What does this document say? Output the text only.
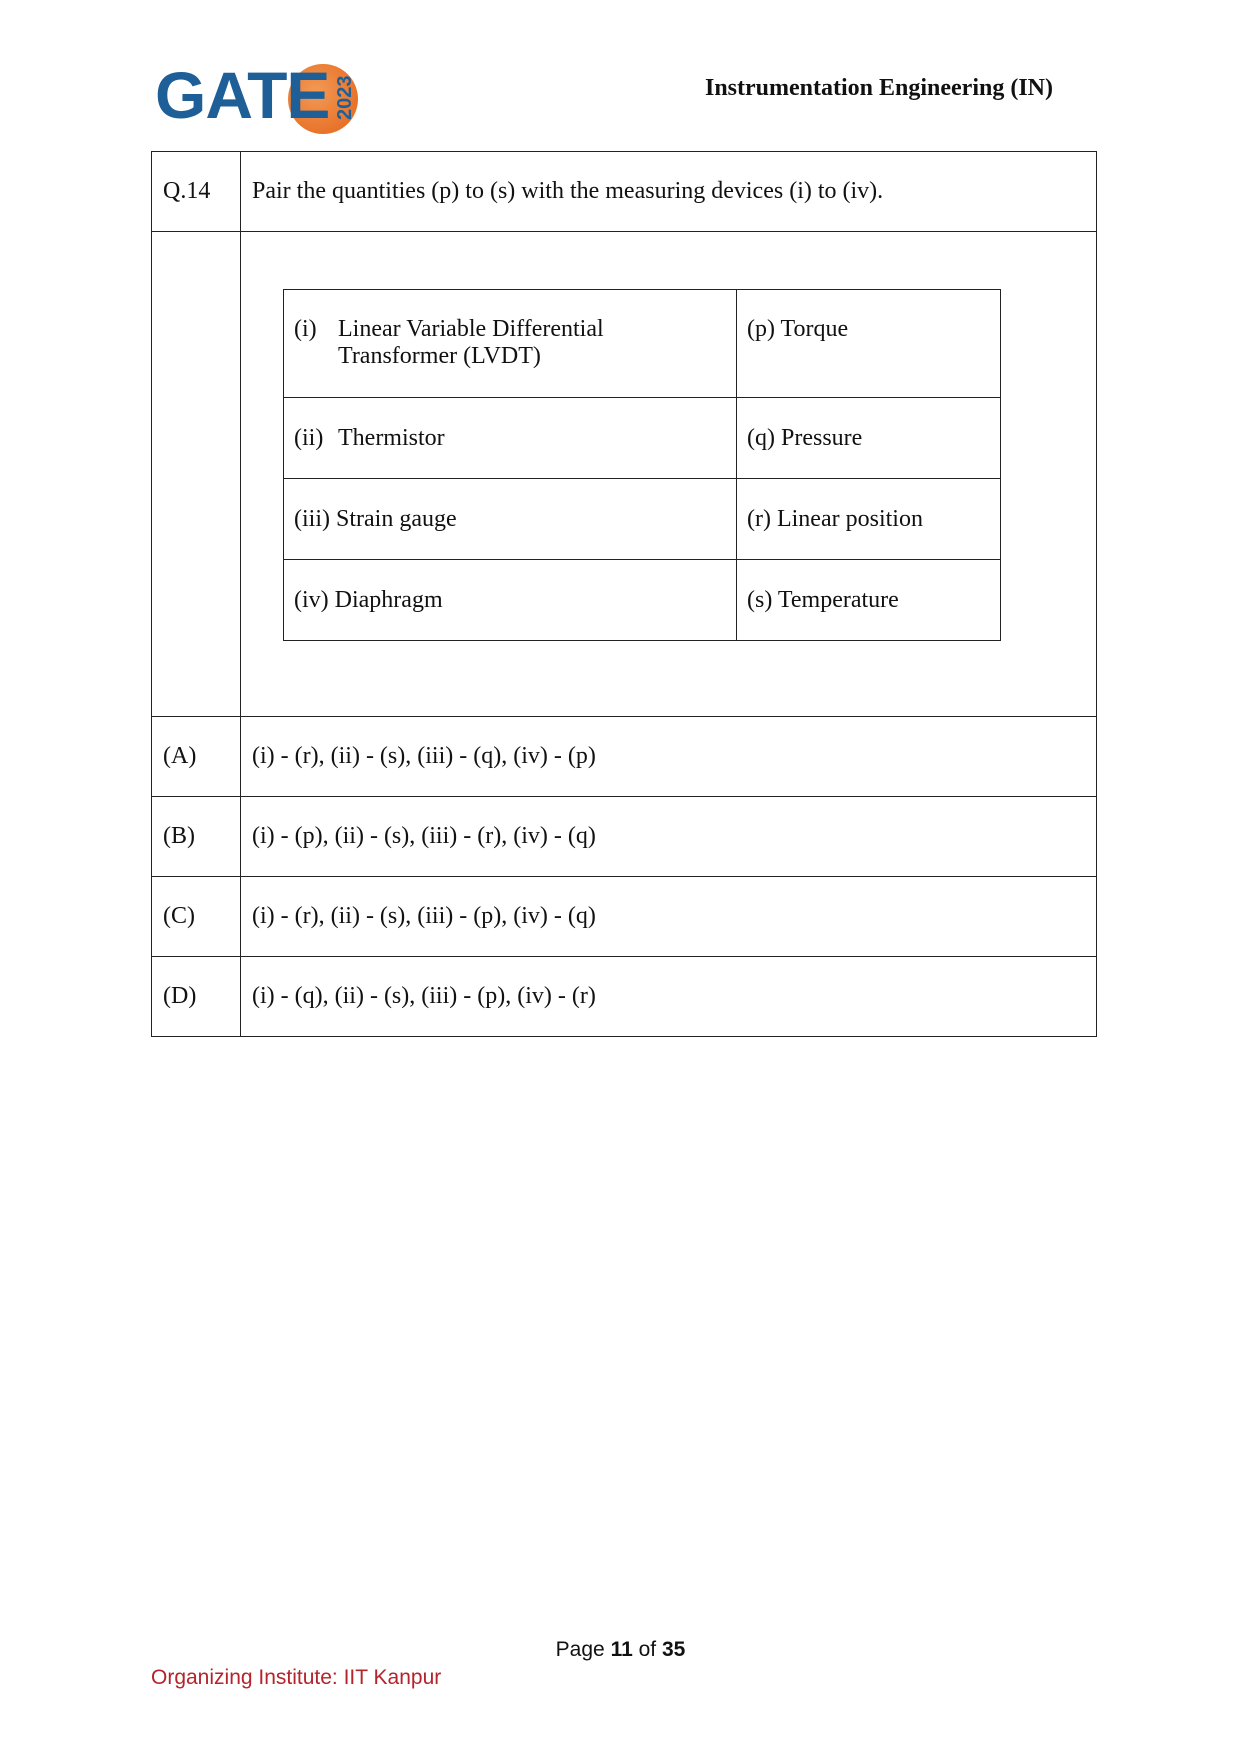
GATE 2023	Instrumentation Engineering (IN)
Q.14	Pair the quantities (p) to (s) with the measuring devices (i) to (iv).

(i) Linear Variable Differential Transformer (LVDT)	(p) Torque
(ii) Thermistor	(q) Pressure
(iii) Strain gauge	(r) Linear position
(iv) Diaphragm	(s) Temperature

(A)	(i) - (r), (ii) - (s), (iii) - (q), (iv) - (p)
(B)	(i) - (p), (ii) - (s), (iii) - (r), (iv) - (q)
(C)	(i) - (r), (ii) - (s), (iii) - (p), (iv) - (q)
(D)	(i) - (q), (ii) - (s), (iii) - (p), (iv) - (r)
Page 11 of 35
Organizing Institute: IIT Kanpur
